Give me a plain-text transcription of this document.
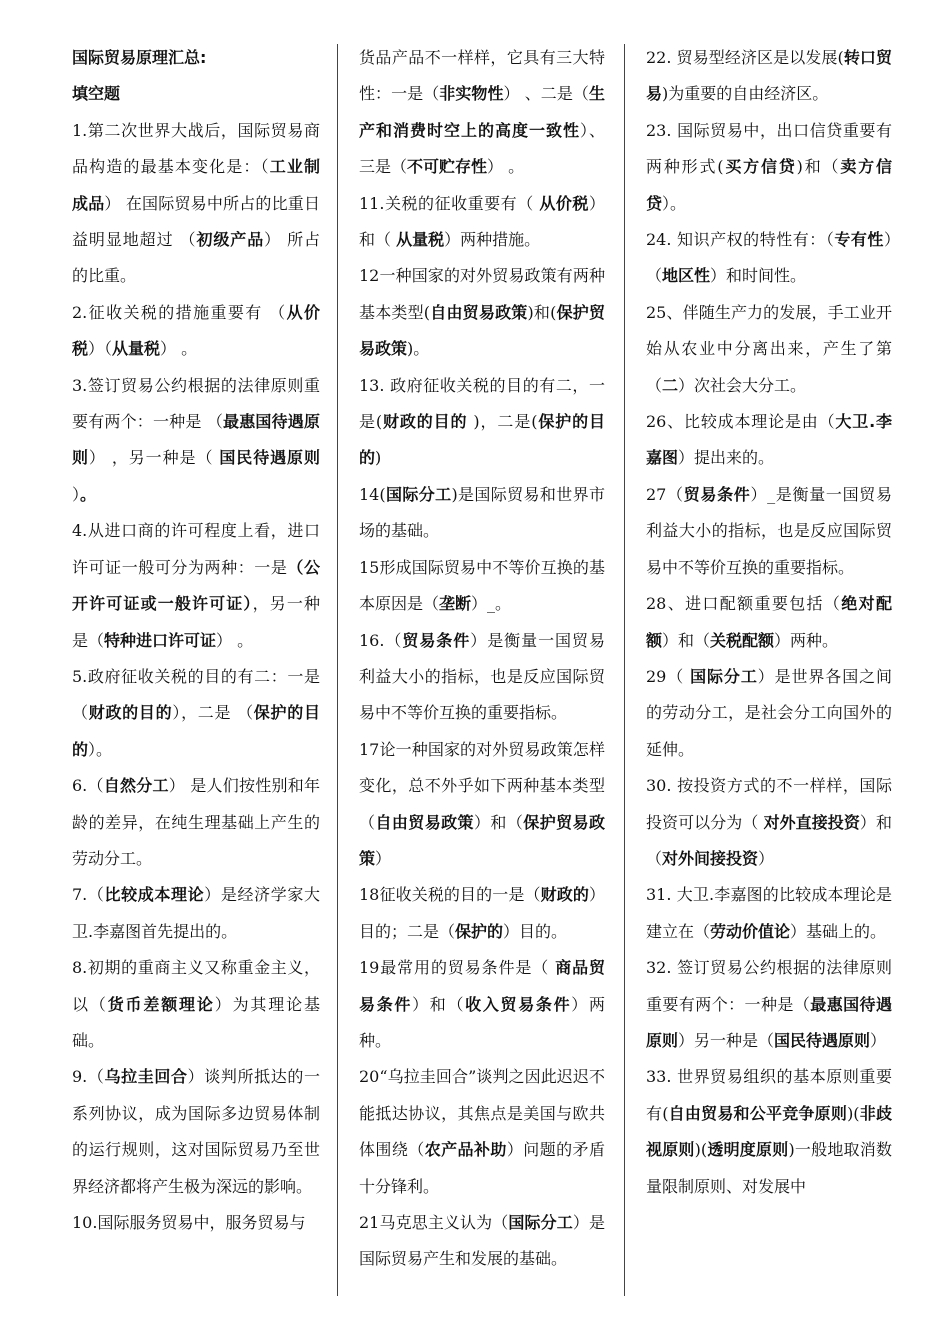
国际贸易原理汇总:

填空题

1.第二次世界大战后，国际贸易商品构造的最基本变化是：（工业制成品） 在国际贸易中所占的比重日益明显地超过 （初级产品） 所占的比重。

2.征收关税的措施重要有 （从价税）（从量税） 。

3.签订贸易公约根据的法律原则重要有两个：一种是 （最惠国待遇原则） ，另一种是（ 国民待遇原则 ）。

4.从进口商的许可程度上看，进口许可证一般可分为两种：一是（公开许可证或一般许可证），另一种是（特种进口许可证） 。

5.政府征收关税的目的有二：一是（财政的目的），二是 （保护的目的）。

6.（自然分工） 是人们按性别和年龄的差异，在纯生理基础上产生的劳动分工。

7.（比较成本理论）是经济学家大卫.李嘉图首先提出的。

8.初期的重商主义又称重金主义，以（货币差额理论）为其理论基础。

9.（乌拉圭回合）谈判所抵达的一系列协议，成为国际多边贸易体制的运行规则，这对国际贸易乃至世界经济都将产生极为深远的影响。

10.国际服务贸易中，服务贸易与

货品产品不一样样，它具有三大特性：一是（非实物性） 、二是（生产和消费时空上的高度一致性）、三是（不可贮存性） 。

11.关税的征收重要有（ 从价税）和（ 从量税）两种措施。

12一种国家的对外贸易政策有两种基本类型(自由贸易政策)和(保护贸易政策)。

13. 政府征收关税的目的有二，一是(财政的目的 )，二是(保护的目的)

14(国际分工)是国际贸易和世界市场的基础。

15形成国际贸易中不等价互换的基本原因是（垄断）_。

16.（贸易条件）是衡量一国贸易利益大小的指标，也是反应国际贸易中不等价互换的重要指标。

17论一种国家的对外贸易政策怎样变化，总不外乎如下两种基本类型（自由贸易政策）和（保护贸易政策）

18征收关税的目的一是（财政的）目的；二是（保护的）目的。

19最常用的贸易条件是（ 商品贸易条件）和（收入贸易条件）两种。

20“乌拉圭回合”谈判之因此迟迟不能抵达协议，其焦点是美国与欧共体围绕（农产品补助）问题的矛盾十分锋利。

21马克思主义认为（国际分工）是国际贸易产生和发展的基础。

22. 贸易型经济区是以发展(转口贸易)为重要的自由经济区。

23. 国际贸易中，出口信贷重要有两种形式(买方信贷)和（卖方信贷）。

24. 知识产权的特性有：（专有性）（地区性）和时间性。

25、伴随生产力的发展，手工业开始从农业中分离出来，产生了第（二）次社会大分工。

26、比较成本理论是由（大卫.李嘉图）提出来的。

27（贸易条件）_是衡量一国贸易利益大小的指标，也是反应国际贸易中不等价互换的重要指标。

28、进口配额重要包括（绝对配额）和（关税配额）两种。

29（ 国际分工）是世界各国之间的劳动分工，是社会分工向国外的延伸。

30. 按投资方式的不一样样，国际投资可以分为（ 对外直接投资）和（对外间接投资）

31. 大卫.李嘉图的比较成本理论是建立在（劳动价值论）基础上的。

32. 签订贸易公约根据的法律原则重要有两个：一种是（最惠国待遇原则）另一种是（国民待遇原则）

33. 世界贸易组织的基本原则重要有(自由贸易和公平竞争原则)(非歧视原则)(透明度原则)一般地取消数量限制原则、对发展中
